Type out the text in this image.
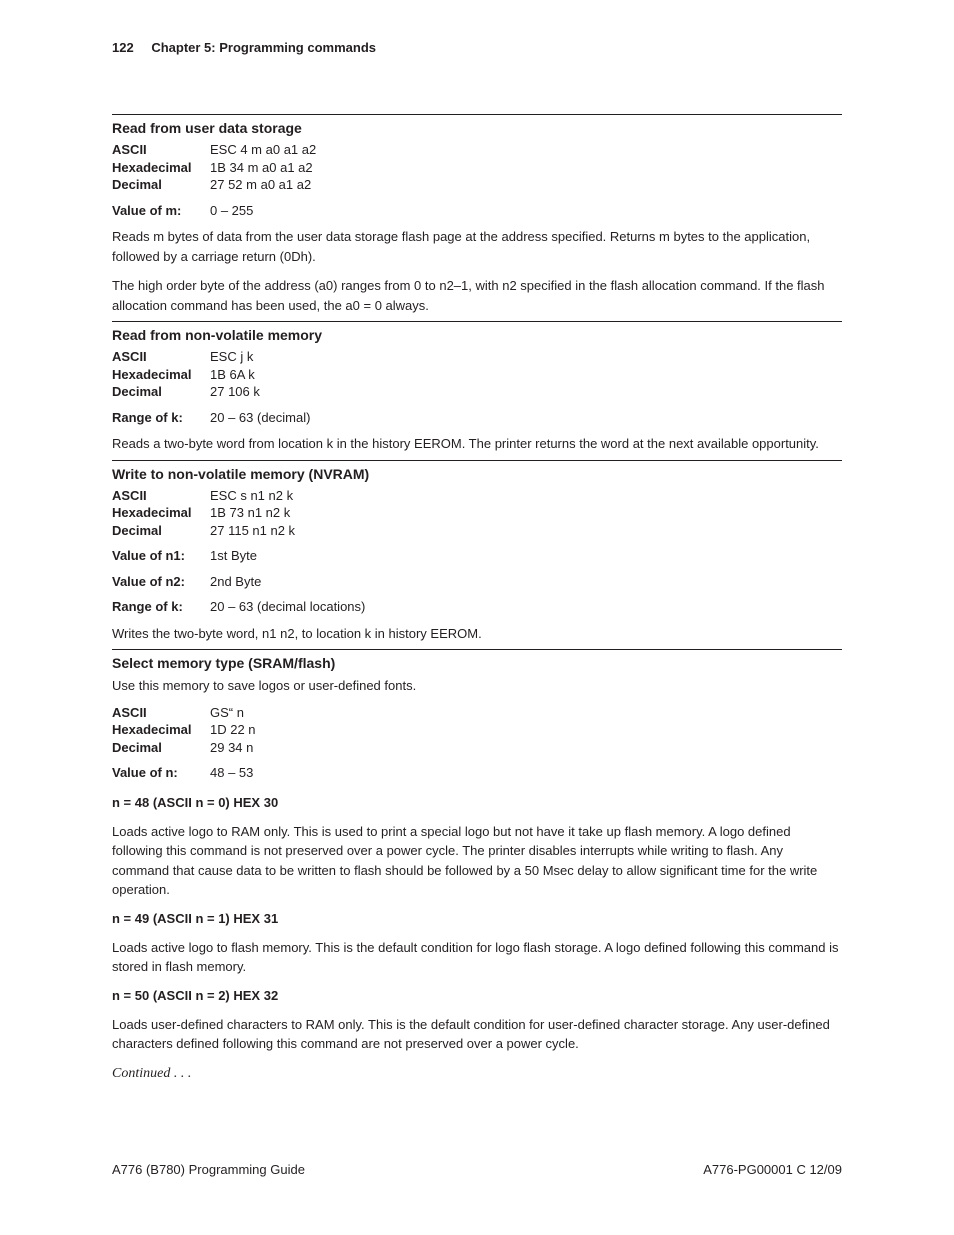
122 Chapter 5: Programming commands
Read from user data storage
ASCII	ESC 4 m a0 a1 a2
Hexadecimal	1B 34 m a0 a1 a2
Decimal	27 52 m a0 a1 a2
Value of m:	0 – 255

Reads m bytes of data from the user data storage flash page at the address specified. Returns m bytes to the application, followed by a carriage return (0Dh).

The high order byte of the address (a0) ranges from 0 to n2–1, with n2 specified in the flash allocation command. If the flash allocation command has been used, the a0 = 0 always.

Read from non-volatile memory
ASCII	ESC j k
Hexadecimal	1B 6A k
Decimal	27 106 k
Range of k:	20 – 63 (decimal)

Reads a two-byte word from location k in the history EEROM. The printer returns the word at the next available opportunity.

Write to non-volatile memory (NVRAM)
ASCII	ESC s n1 n2 k
Hexadecimal	1B 73 n1 n2 k
Decimal	27 115 n1 n2 k
Value of n1:	1st Byte
Value of n2:	2nd Byte
Range of k:	20 – 63 (decimal locations)

Writes the two-byte word, n1 n2, to location k in history EEROM.

Select memory type (SRAM/flash)

Use this memory to save logos or user-defined fonts.

ASCII	GS“ n
Hexadecimal	1D 22 n
Decimal	29 34 n
Value of n:	48 – 53
n = 48 (ASCII n = 0) HEX 30

Loads active logo to RAM only. This is used to print a special logo but not have it take up flash memory. A logo defined following this command is not preserved over a power cycle. The printer disables interrupts while writing to flash. Any command that cause data to be written to flash should be followed by a 50 Msec delay to allow significant time for the write operation.

n = 49 (ASCII n = 1) HEX 31

Loads active logo to flash memory. This is the default condition for logo flash storage. A logo defined following this command is stored in flash memory.

n = 50 (ASCII n = 2) HEX 32

Loads user-defined characters to RAM only. This is the default condition for user-defined character storage. Any user-defined characters defined following this command are not preserved over a power cycle.

Continued . . .
A776 (B780) Programming Guide	A776-PG00001 C 12/09
